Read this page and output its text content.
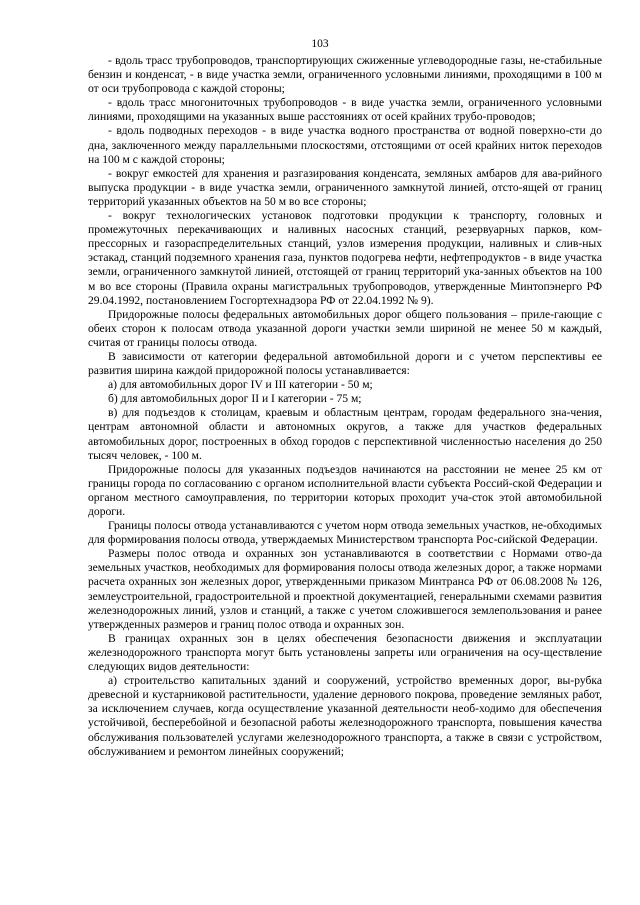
103

- вдоль трасс трубопроводов, транспортирующих сжиженные углеводородные газы, не-стабильные бензин и конденсат, - в виде участка земли, ограниченного условными линиями, проходящими в 100 м от оси трубопровода с каждой стороны;

- вдоль трасс многониточных трубопроводов - в виде участка земли, ограниченного условными линиями, проходящими на указанных выше расстояниях от осей крайних трубо-проводов;

- вдоль подводных переходов - в виде участка водного пространства от водной поверхно-сти до дна, заключенного между параллельными плоскостями, отстоящими от осей крайних ниток переходов на 100 м с каждой стороны;

- вокруг емкостей для хранения и разгазирования конденсата, земляных амбаров для ава-рийного выпуска продукции - в виде участка земли, ограниченного замкнутой линией, отсто-ящей от границ территорий указанных объектов на 50 м во все стороны;

- вокруг технологических установок подготовки продукции к транспорту, головных и промежуточных перекачивающих и наливных насосных станций, резервуарных парков, ком-прессорных и газораспределительных станций, узлов измерения продукции, наливных и слив-ных эстакад, станций подземного хранения газа, пунктов подогрева нефти, нефтепродуктов - в виде участка земли, ограниченного замкнутой линией, отстоящей от границ территорий ука-занных объектов на 100 м во все стороны (Правила охраны магистральных трубопроводов, утвержденные Минтопэнерго РФ 29.04.1992, постановлением Госгортехнадзора РФ от 22.04.1992 № 9).

Придорожные полосы федеральных автомобильных дорог общего пользования – приле-гающие с обеих сторон к полосам отвода указанной дороги участки земли шириной не менее 50 м каждый, считая от границы полосы отвода.

В зависимости от категории федеральной автомобильной дороги и с учетом перспективы ее развития ширина каждой придорожной полосы устанавливается:

а) для автомобильных дорог IV и III категории - 50 м;

б) для автомобильных дорог II и I категории - 75 м;

в) для подъездов к столицам, краевым и областным центрам, городам федерального зна-чения, центрам автономной области и автономных округов, а также для участков федеральных автомобильных дорог, построенных в обход городов с перспективной численностью населения до 250 тысяч человек, - 100 м.

Придорожные полосы для указанных подъездов начинаются на расстоянии не менее 25 км от границы города по согласованию с органом исполнительной власти субъекта Россий-ской Федерации и органом местного самоуправления, по территории которых проходит уча-сток этой автомобильной дороги.

Границы полосы отвода устанавливаются с учетом норм отвода земельных участков, не-обходимых для формирования полосы отвода, утверждаемых Министерством транспорта Рос-сийской Федерации.

Размеры полос отвода и охранных зон устанавливаются в соответствии с Нормами отво-да земельных участков, необходимых для формирования полосы отвода железных дорог, а также нормами расчета охранных зон железных дорог, утвержденными приказом Минтранса РФ от 06.08.2008 № 126, землеустроительной, градостроительной и проектной документацией, генеральными схемами развития железнодорожных линий, узлов и станций, а также с учетом сложившегося землепользования и ранее утвержденных размеров и границ полос отвода и охранных зон.

В границах охранных зон в целях обеспечения безопасности движения и эксплуатации железнодорожного транспорта могут быть установлены запреты или ограничения на осу-ществление следующих видов деятельности:

а) строительство капитальных зданий и сооружений, устройство временных дорог, вы-рубка древесной и кустарниковой растительности, удаление дернового покрова, проведение земляных работ, за исключением случаев, когда осуществление указанной деятельности необ-ходимо для обеспечения устойчивой, бесперебойной и безопасной работы железнодорожного транспорта, повышения качества обслуживания пользователей услугами железнодорожного транспорта, а также в связи с устройством, обслуживанием и ремонтом линейных сооружений;
